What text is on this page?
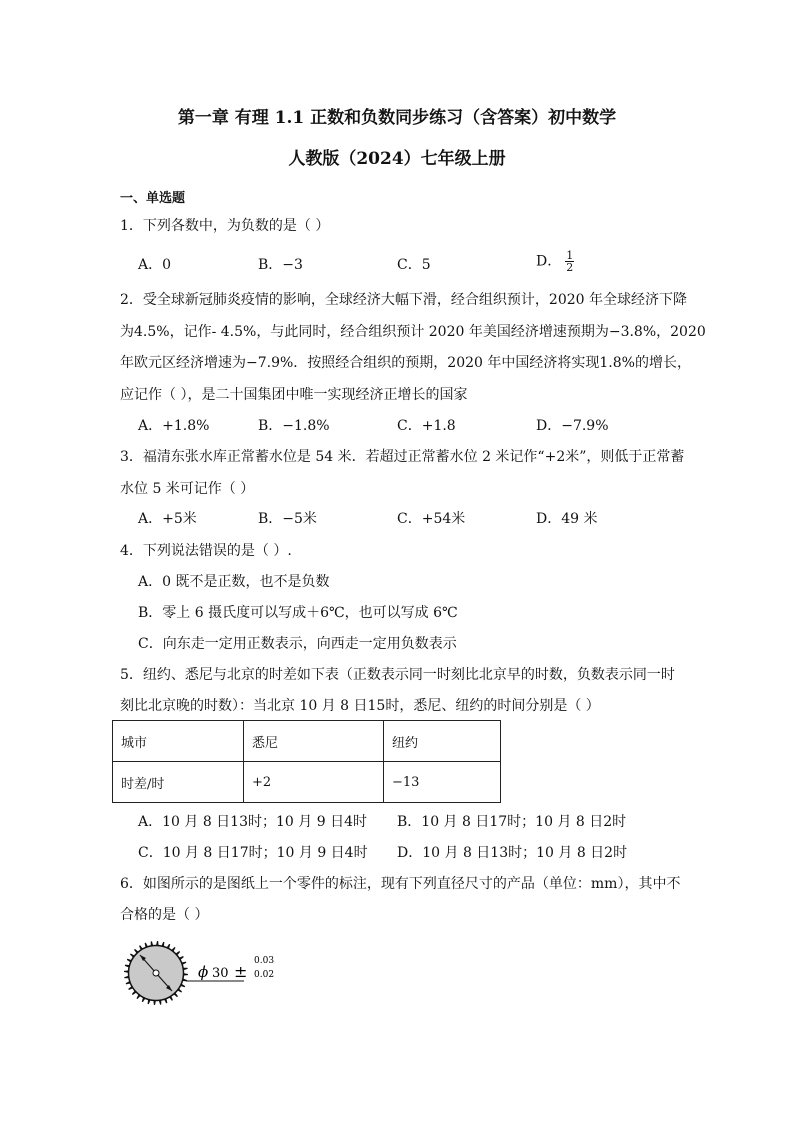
第一章 有理 1.1 正数和负数同步练习（含答案）初中数学
人教版（2024）七年级上册
一、单选题
1．下列各数中，为负数的是（ ）
A．0	B．−3	C．5	D． $\frac{1}{2}$
2．受全球新冠肺炎疫情的影响，全球经济大幅下滑，经合组织预计，2020 年全球经济下降
为4.5%，记作- 4.5%，与此同时，经合组织预计 2020 年美国经济增速预期为−3.8%，2020
年欧元区经济增速为−7.9%．按照经合组织的预期，2020 年中国经济将实现1.8%的增长，
应记作（ ），是二十国集团中唯一实现经济正增长的国家
A．+1.8%	B．−1.8%	C．+1.8	D．−7.9%
3．福清东张水库正常蓄水位是 54 米．若超过正常蓄水位 2 米记作“+2米”，则低于正常蓄
水位 5 米可记作（ ）
A．+5米	B．−5米	C．+54米	D．49 米
4．下列说法错误的是（ ）.
A．0 既不是正数，也不是负数
B．零上 6 摄氏度可以写成＋6℃，也可以写成 6℃
C．向东走一定用正数表示，向西走一定用负数表示
5．纽约、悉尼与北京的时差如下表（正数表示同一时刻比北京早的时数，负数表示同一时
刻比北京晚的时数）：当北京 10 月 8 日15时，悉尼、纽约的时间分别是（ ）
城市	悉尼	纽约
时差/时	+2	−13
A．10 月 8 日13时；10 月 9 日4时 B．10 月 8 日17时；10 月 8 日2时
C．10 月 8 日17时；10 月 9 日4时 D．10 月 8 日13时；10 月 8 日2时
6．如图所示的是图纸上一个零件的标注，现有下列直径尺寸的产品（单位：mm），其中不
合格的是（ ）
ϕ 30 ±
0.03
0.02
